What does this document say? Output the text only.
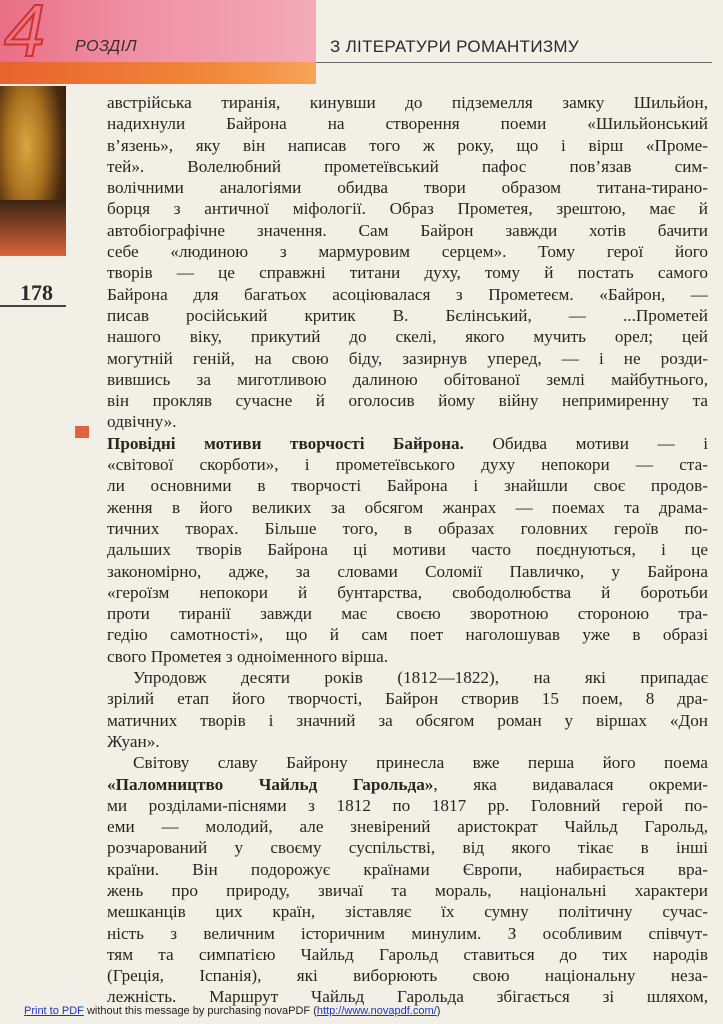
4 РОЗДІЛ	З ЛІТЕРАТУРИ РОМАНТИЗМУ
178
австрійська тиранія, кинувши до підземелля замку Шильйон,
надихнули Байрона на створення поеми «Шильйонський
в’язень», яку він написав того ж року, що і вірш «Проме-
тей». Волелюбний прометеївський пафос пов’язав сим-
волічними аналогіями обидва твори образом титана-тирано-
борця з античної міфології. Образ Прометея, зрештою, має й
автобіографічне значення. Сам Байрон завжди хотів бачити
себе «людиною з мармуровим серцем». Тому герої його
творів — це справжні титани духу, тому й постать самого
Байрона для багатьох асоціювалася з Прометеєм. «Байрон, —
писав російський критик В. Бєлінський, — ...Прометей
нашого віку, прикутий до скелі, якого мучить орел; цей
могутній геній, на свою біду, зазирнув уперед, — і не розди-
вившись за миготливою далиною обітованої землі майбутнього,
він прокляв сучасне й оголосив йому війну непримиренну та
одвічну».
Провідні мотиви творчості Байрона. Обидва мотиви — і
«світової скорботи», і прометеївського духу непокори — ста-
ли основними в творчості Байрона і знайшли своє продов-
ження в його великих за обсягом жанрах — поемах та драма-
тичних творах. Більше того, в образах головних героїв по-
дальших творів Байрона ці мотиви часто поєднуються, і це
закономірно, адже, за словами Соломії Павличко, у Байрона
«героїзм непокори й бунтарства, свободолюбства й боротьби
проти тиранії завжди має своєю зворотною стороною тра-
гедію самотності», що й сам поет наголошував уже в образі
свого Прометея з одноіменного вірша.
Упродовж десяти років (1812—1822), на які припадає
зрілий етап його творчості, Байрон створив 15 поем, 8 дра-
матичних творів і значний за обсягом роман у віршах «Дон
Жуан».
Світову славу Байрону принесла вже перша його поема
«Паломництво Чайльд Гарольда», яка видавалася окреми-
ми розділами-піснями з 1812 по 1817 рр. Головний герой по-
еми — молодий, але зневірений аристократ Чайльд Гарольд,
розчарований у своєму суспільстві, від якого тікає в інші
країни. Він подорожує країнами Європи, набирається вра-
жень про природу, звичаї та мораль, національні характери
мешканців цих країн, зіставляє їх сумну політичну сучас-
ність з величним історичним минулим. З особливим співчут-
тям та симпатією Чайльд Гарольд ставиться до тих народів
(Греція, Іспанія), які виборюють свою національну неза-
лежність. Маршрут Чайльд Гарольда збігається зі шляхом,
Print to PDF without this message by purchasing novaPDF (http://www.novapdf.com/)
